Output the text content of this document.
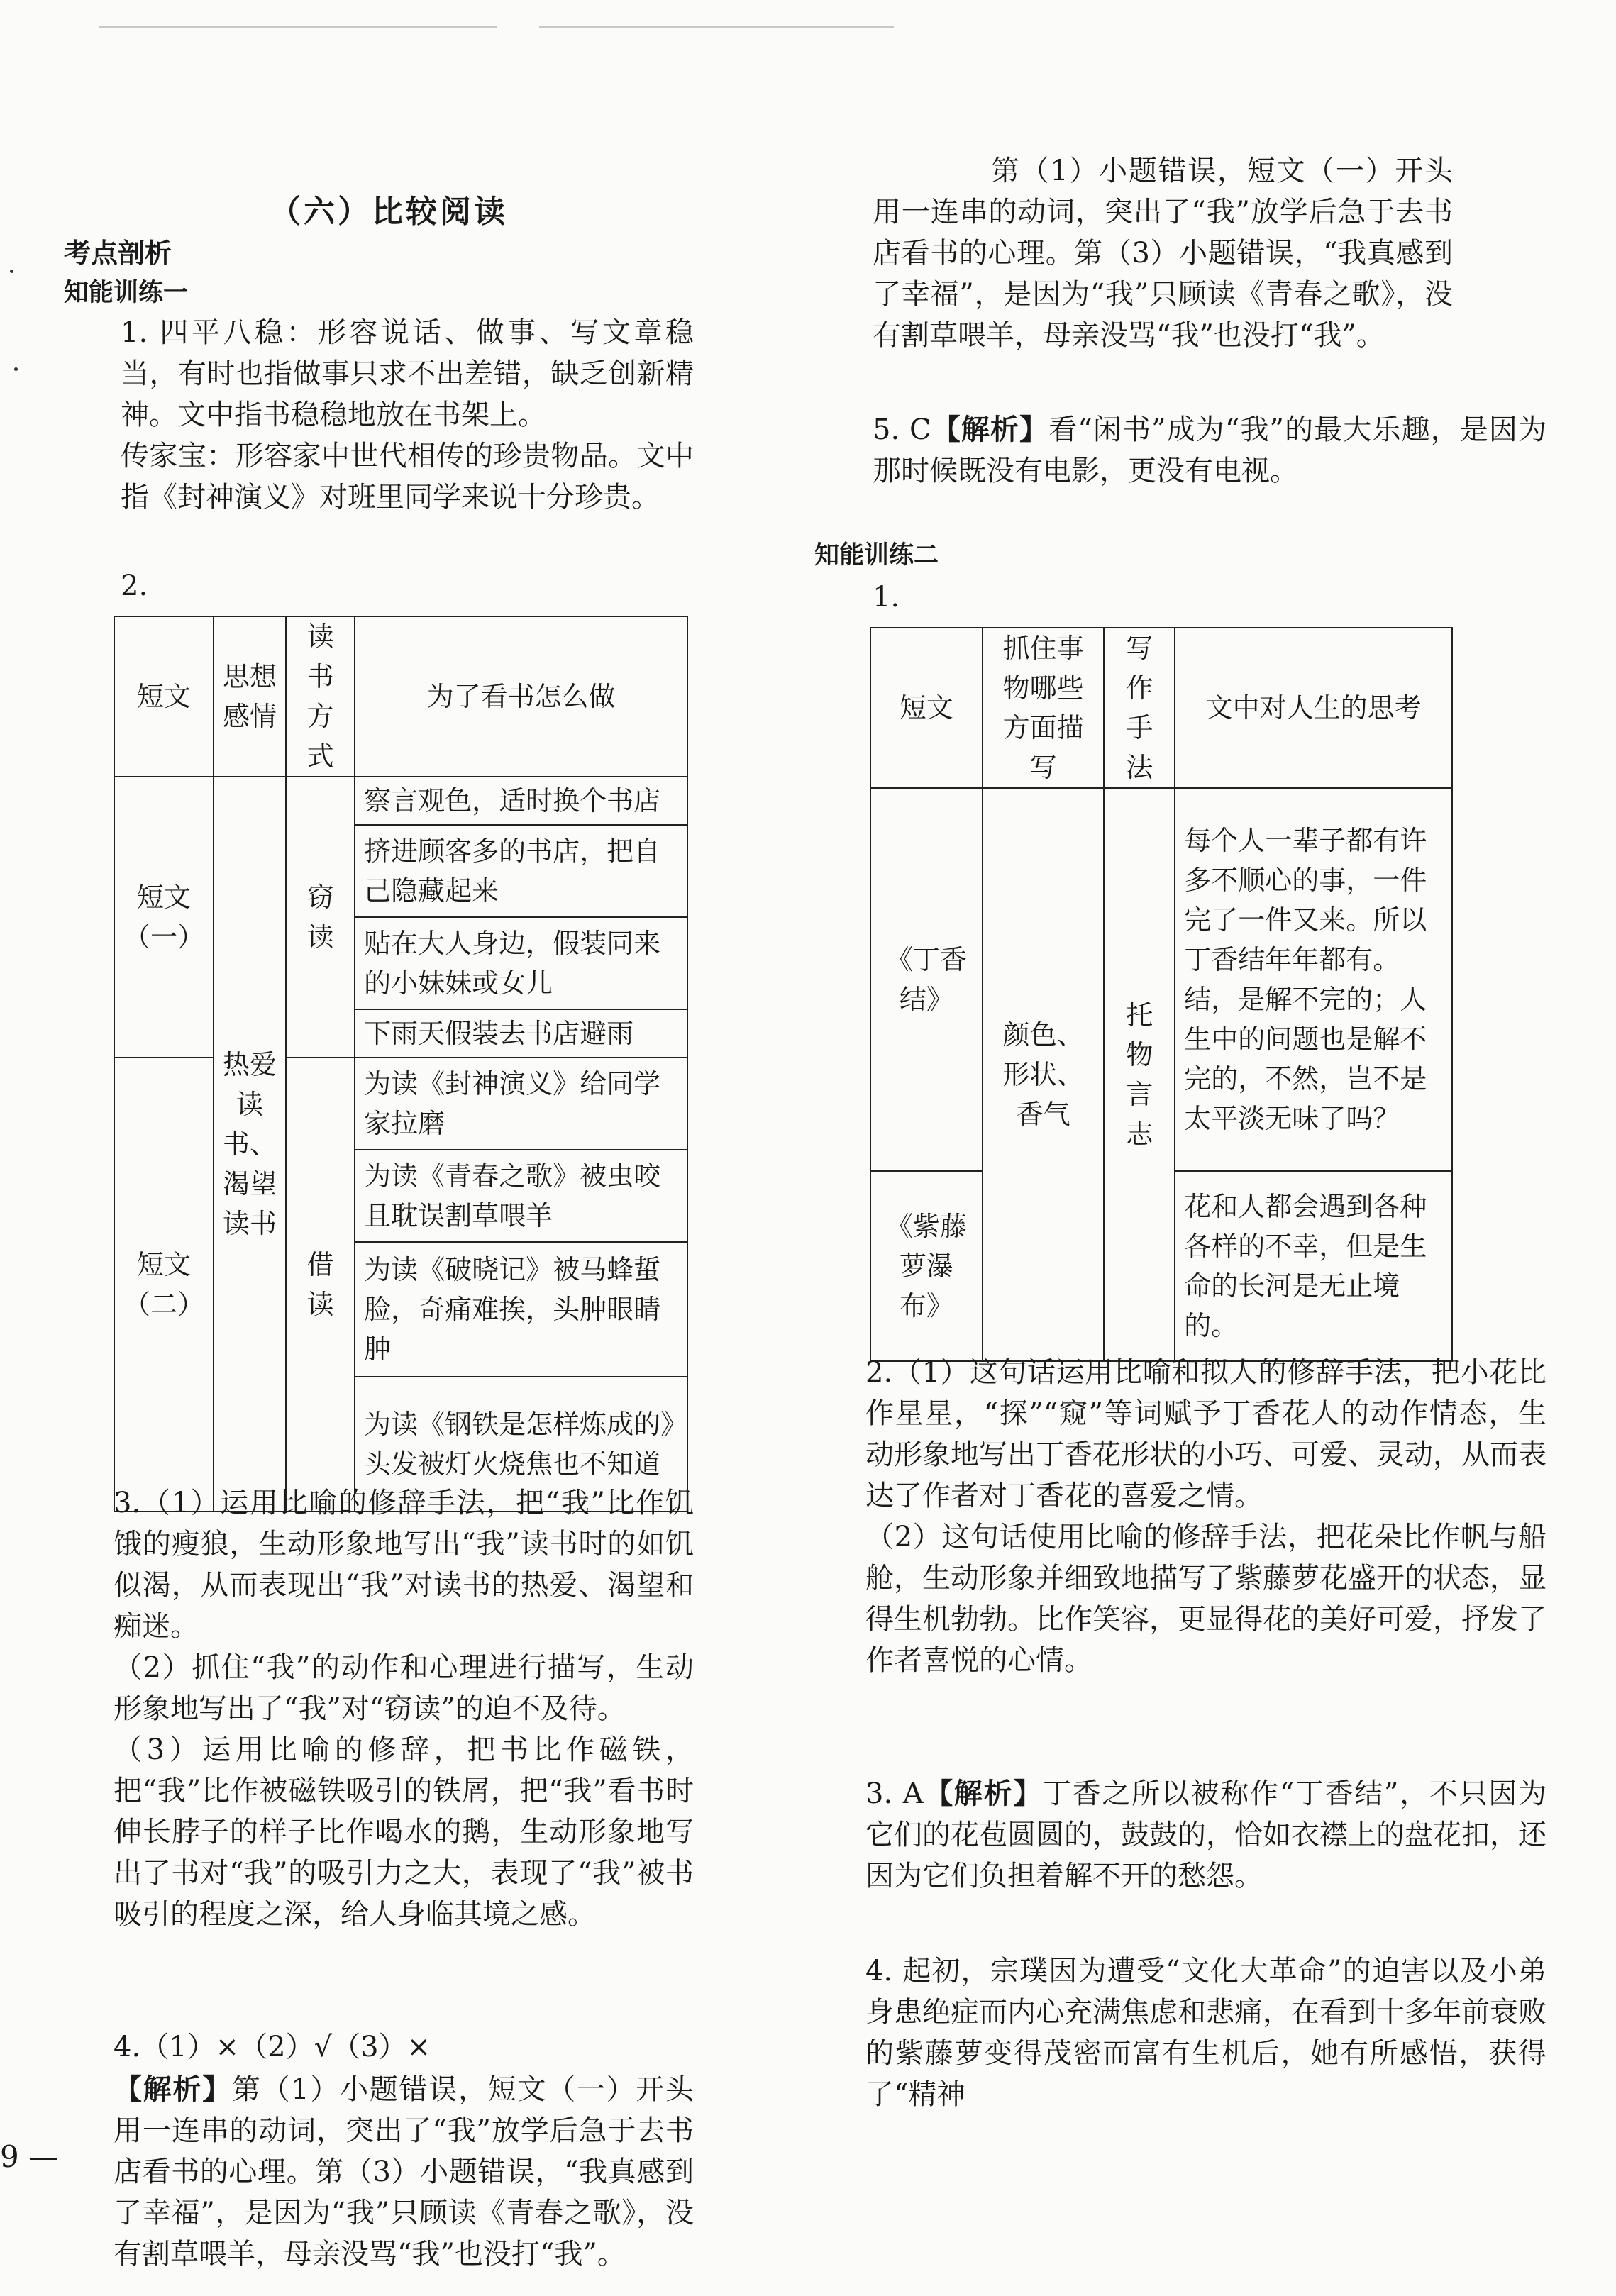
（六）比较阅读
考点剖析
知能训练一

1. 四平八稳：形容说话、做事、写文章稳当，有时也指做事只求不出差错，缺乏创新精神。文中指书稳稳地放在书架上。

传家宝：形容家中世代相传的珍贵物品。文中指《封神演义》对班里同学来说十分珍贵。

2.
短文	思想感情	读书方式	为了看书怎么做
短文（一）	热爱读书、渴望读书	窃读	察言观色，适时换个书店
			挤进顾客多的书店，把自己隐藏起来
			贴在大人身边，假装同来的小妹妹或女儿
			下雨天假装去书店避雨
短文（二）		借读	为读《封神演义》给同学家拉磨
			为读《青春之歌》被虫咬且耽误割草喂羊
			为读《破晓记》被马蜂蜇脸，奇痛难挨，头肿眼睛肿
			为读《钢铁是怎样炼成的》头发被灯火烧焦也不知道

3.（1）运用比喻的修辞手法，把“我”比作饥饿的瘦狼，生动形象地写出“我”读书时的如饥似渴，从而表现出“我”对读书的热爱、渴望和痴迷。

（2）抓住“我”的动作和心理进行描写，生动形象地写出了“我”对“窃读”的迫不及待。

（3）运用比喻的修辞，把书比作磁铁，把“我”比作被磁铁吸引的铁屑，把“我”看书时伸长脖子的样子比作喝水的鹅，生动形象地写出了书对“我”的吸引力之大，表现了“我”被书吸引的程度之深，给人身临其境之感。

4.（1）×（2）√（3）×
【解析】第（1）小题错误，短文（一）开头用一连串的动词，突出了“我”放学后急于去书店看书的心理。第（3）小题错误，“我真感到了幸福”，是因为“我”只顾读《青春之歌》，没有割草喂羊，母亲没骂“我”也没打“我”。
第（1）小题错误，短文（一）开头用一连串的动词，突出了“我”放学后急于去书店看书的心理。第（3）小题错误，“我真感到了幸福”，是因为“我”只顾读《青春之歌》，没有割草喂羊，母亲没骂“我”也没打“我”。
5. C【解析】看“闲书”成为“我”的最大乐趣，是因为那时候既没有电影，更没有电视。
知能训练二
1.
短文	抓住事物哪些方面描写	写作手法	文中对人生的思考
《丁香结》	颜色、形状、香气	托物言志	每个人一辈子都有许多不顺心的事，一件完了一件又来。所以丁香结年年都有。结，是解不完的；人生中的问题也是解不完的，不然，岂不是太平淡无味了吗？
《紫藤萝瀑布》			花和人都会遇到各种各样的不幸，但是生命的长河是无止境的。

2.（1）这句话运用比喻和拟人的修辞手法，把小花比作星星，“探”“窥”等词赋予丁香花人的动作情态，生动形象地写出丁香花形状的小巧、可爱、灵动，从而表达了作者对丁香花的喜爱之情。

（2）这句话使用比喻的修辞手法，把花朵比作帆与船舱，生动形象并细致地描写了紫藤萝花盛开的状态，显得生机勃勃。比作笑容，更显得花的美好可爱，抒发了作者喜悦的心情。

3. A【解析】丁香之所以被称作“丁香结”，不只因为它们的花苞圆圆的，鼓鼓的，恰如衣襟上的盘花扣，还因为它们负担着解不开的愁怨。
4. 起初，宗璞因为遭受“文化大革命”的迫害以及小弟身患绝症而内心充满焦虑和悲痛，在看到十多年前衰败的紫藤萝变得茂密而富有生机后，她有所感悟，获得了“精神
9 —
